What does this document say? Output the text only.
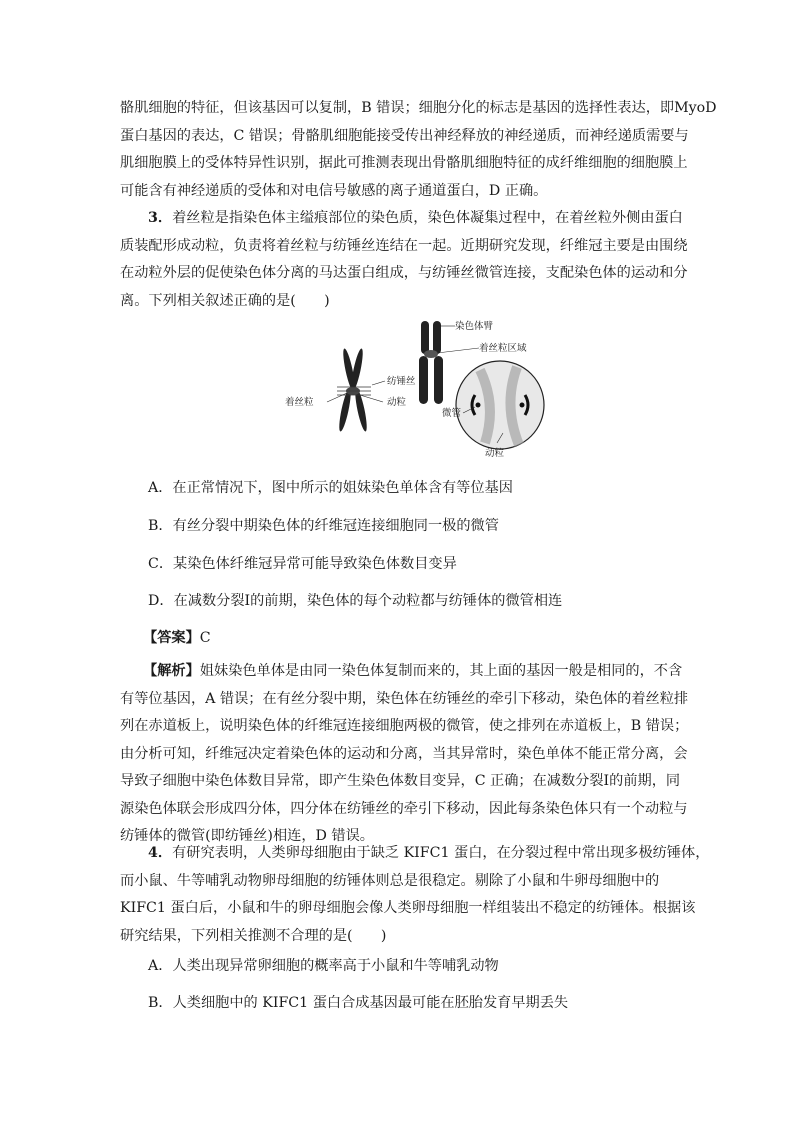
骼肌细胞的特征，但该基因可以复制，B 错误；细胞分化的标志是基因的选择性表达，即MyoD
蛋白基因的表达，C 错误；骨骼肌细胞能接受传出神经释放的神经递质，而神经递质需要与
肌细胞膜上的受体特异性识别，据此可推测表现出骨骼肌细胞特征的成纤维细胞的细胞膜上
可能含有神经递质的受体和对电信号敏感的离子通道蛋白，D 正确。
3．着丝粒是指染色体主缢痕部位的染色质，染色体凝集过程中，在着丝粒外侧由蛋白
质装配形成动粒，负责将着丝粒与纺锤丝连结在一起。近期研究发现，纤维冠主要是由围绕
在动粒外层的促使染色体分离的马达蛋白组成，与纺锤丝微管连接，支配染色体的运动和分
离。下列相关叙述正确的是(　　)
纺锤丝
着丝粒	动粒
染色体臂
着丝粒区域
微管
动粒
A．在正常情况下，图中所示的姐妹染色单体含有等位基因
B．有丝分裂中期染色体的纤维冠连接细胞同一极的微管
C．某染色体纤维冠异常可能导致染色体数目变异
D．在减数分裂Ⅰ的前期，染色体的每个动粒都与纺锤体的微管相连
【答案】C
【解析】姐妹染色单体是由同一染色体复制而来的，其上面的基因一般是相同的，不含
有等位基因，A 错误；在有丝分裂中期，染色体在纺锤丝的牵引下移动，染色体的着丝粒排
列在赤道板上，说明染色体的纤维冠连接细胞两极的微管，使之排列在赤道板上，B 错误；
由分析可知，纤维冠决定着染色体的运动和分离，当其异常时，染色单体不能正常分离，会
导致子细胞中染色体数目异常，即产生染色体数目变异，C 正确；在减数分裂Ⅰ的前期，同
源染色体联会形成四分体，四分体在纺锤丝的牵引下移动，因此每条染色体只有一个动粒与
纺锤体的微管(即纺锤丝)相连，D 错误。
4．有研究表明，人类卵母细胞由于缺乏 KIFC1 蛋白，在分裂过程中常出现多极纺锤体，
而小鼠、牛等哺乳动物卵母细胞的纺锤体则总是很稳定。剔除了小鼠和牛卵母细胞中的
KIFC1 蛋白后，小鼠和牛的卵母细胞会像人类卵母细胞一样组装出不稳定的纺锤体。根据该
研究结果，下列相关推测不合理的是(　　)
A．人类出现异常卵细胞的概率高于小鼠和牛等哺乳动物
B．人类细胞中的 KIFC1 蛋白合成基因最可能在胚胎发育早期丢失
